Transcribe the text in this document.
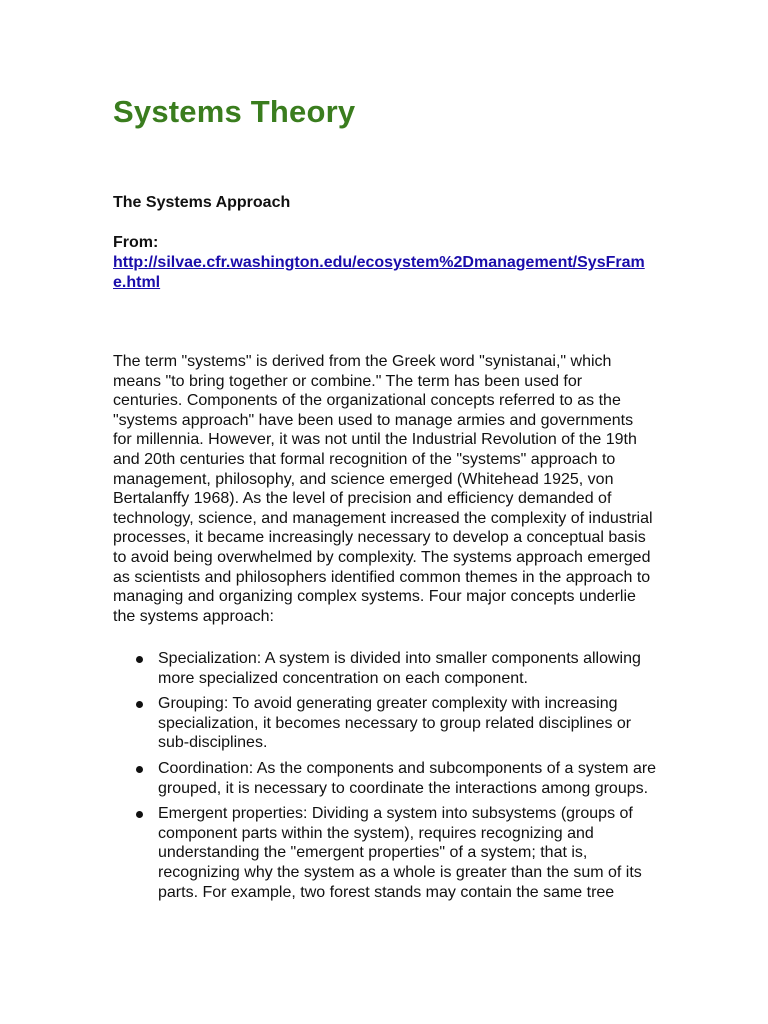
Systems Theory
The Systems Approach
From:
http://silvae.cfr.washington.edu/ecosystem%2Dmanagement/SysFrame.html

The term "systems" is derived from the Greek word "synistanai," which means "to bring together or combine." The term has been used for centuries. Components of the organizational concepts referred to as the "systems approach" have been used to manage armies and governments for millennia. However, it was not until the Industrial Revolution of the 19th and 20th centuries that formal recognition of the "systems" approach to management, philosophy, and science emerged (Whitehead 1925, von Bertalanffy 1968). As the level of precision and efficiency demanded of technology, science, and management increased the complexity of industrial processes, it became increasingly necessary to develop a conceptual basis to avoid being overwhelmed by complexity. The systems approach emerged as scientists and philosophers identified common themes in the approach to managing and organizing complex systems. Four major concepts underlie the systems approach:

Specialization: A system is divided into smaller components allowing more specialized concentration on each component.
Grouping: To avoid generating greater complexity with increasing specialization, it becomes necessary to group related disciplines or sub-disciplines.
Coordination: As the components and subcomponents of a system are grouped, it is necessary to coordinate the interactions among groups.
Emergent properties: Dividing a system into subsystems (groups of component parts within the system), requires recognizing and understanding the "emergent properties" of a system; that is, recognizing why the system as a whole is greater than the sum of its parts. For example, two forest stands may contain the same tree
